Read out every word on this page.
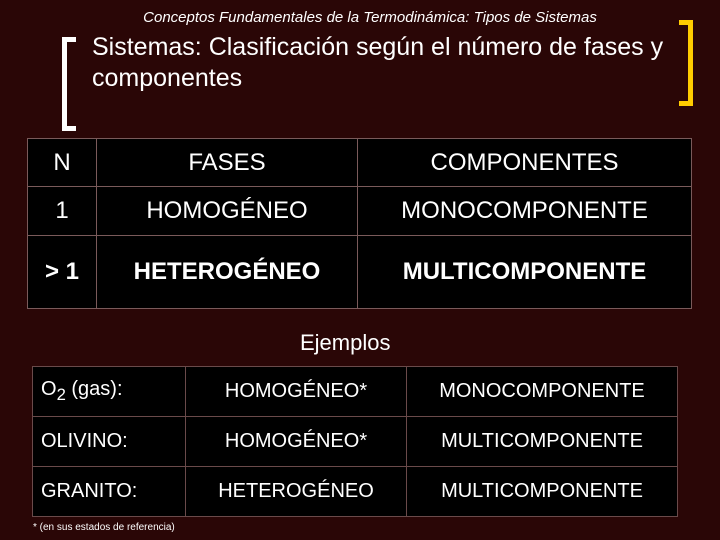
Conceptos Fundamentales de la Termodinámica: Tipos de Sistemas
Sistemas: Clasificación según el número de fases y componentes
N	FASES	COMPONENTES
1	HOMOGÉNEO	MONOCOMPONENTE
> 1	HETEROGÉNEO	MULTICOMPONENTE
Ejemplos
$O_2$ (gas):	HOMOGÉNEO*	MONOCOMPONENTE
OLIVINO:	HOMOGÉNEO*	MULTICOMPONENTE
GRANITO:	HETEROGÉNEO	MULTICOMPONENTE
* (en sus estados de referencia)
